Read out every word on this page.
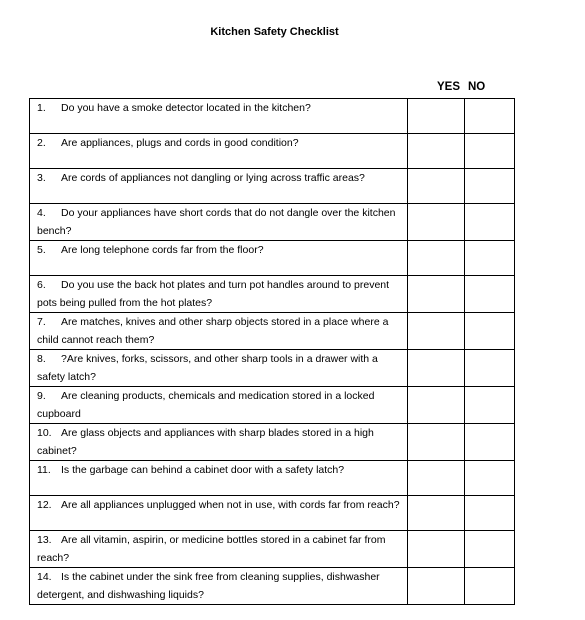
Kitchen Safety Checklist
YES NO
1. Do you have a smoke detector located in the kitchen?		

2. Are appliances, plugs and cords in good condition?		

3. Are cords of appliances not dangling or lying across traffic areas?		

4. Do your appliances have short cords that do not dangle over the kitchen bench?		

5. Are long telephone cords far from the floor?		

6. Do you use the back hot plates and turn pot handles around to prevent pots being pulled from the hot plates?		

7. Are matches, knives and other sharp objects stored in a place where a child cannot reach them?		

8. ?Are knives, forks, scissors, and other sharp tools in a drawer with a safety latch?		

9. Are cleaning products, chemicals and medication stored in a locked cupboard		

10. Are glass objects and appliances with sharp blades stored in a high cabinet?		

11. Is the garbage can behind a cabinet door with a safety latch?		

12. Are all appliances unplugged when not in use, with cords far from reach?		

13. Are all vitamin, aspirin, or medicine bottles stored in a cabinet far from reach?		

14. Is the cabinet under the sink free from cleaning supplies, dishwasher detergent, and dishwashing liquids?		
